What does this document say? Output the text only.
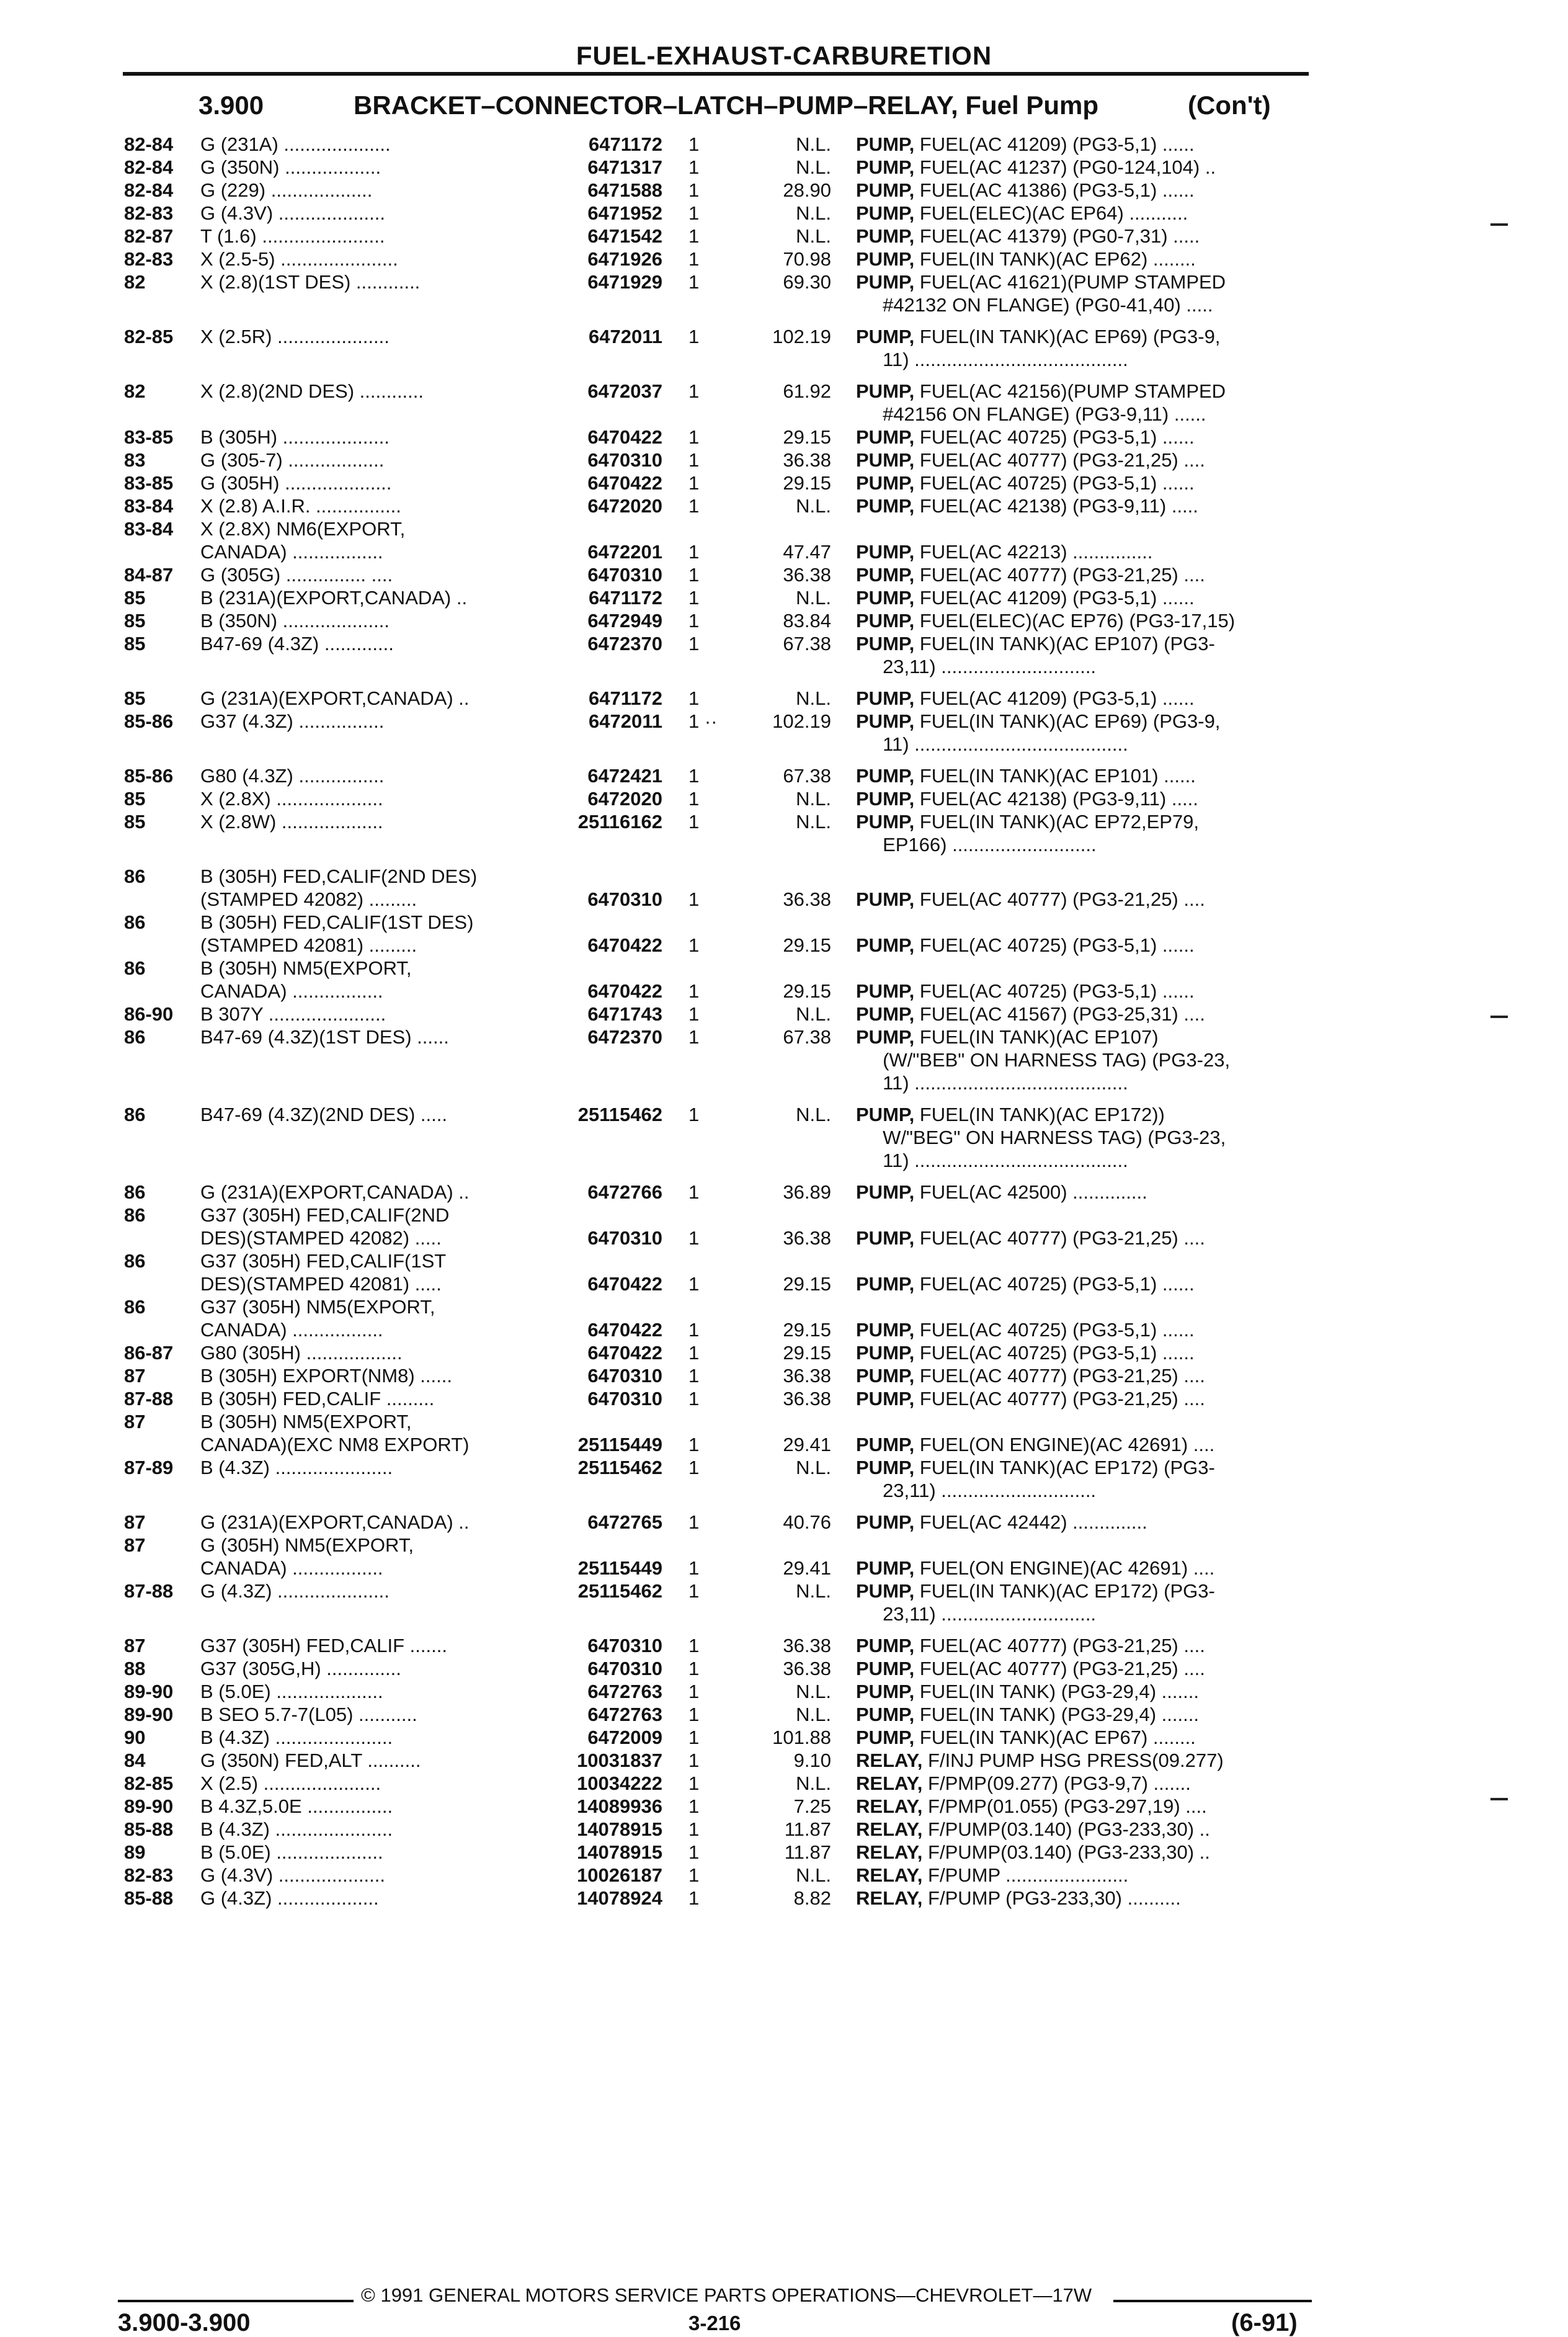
FUEL-EXHAUST-CARBURETION
3.900	BRACKET–CONNECTOR–LATCH–PUMP–RELAY, Fuel Pump	(Con't)
82-84	G (231A) ....................	6471172 1	N.L. PUMP, FUEL(AC 41209) (PG3-5,1) ......
82-84	G (350N) ..................	6471317 1	N.L. PUMP, FUEL(AC 41237) (PG0-124,104) ..
82-84	G (229) ...................	6471588 1	28.90 PUMP, FUEL(AC 41386) (PG3-5,1) ......
82-83	G (4.3V) ....................	6471952 1	N.L. PUMP, FUEL(ELEC)(AC EP64) ...........
82-87	T (1.6) .......................	6471542 1	N.L. PUMP, FUEL(AC 41379) (PG0-7,31) .....
82-83	X (2.5-5) ......................	6471926 1	70.98 PUMP, FUEL(IN TANK)(AC EP62) ........
82	X (2.8)(1ST DES) ............	6471929 1	69.30 PUMP, FUEL(AC 41621)(PUMP STAMPED
#42132 ON FLANGE) (PG0-41,40) .....
82-85	X (2.5R) .....................	6472011 1	102.19 PUMP, FUEL(IN TANK)(AC EP69) (PG3-9,
11) ........................................
82	X (2.8)(2ND DES) ............	6472037 1	61.92 PUMP, FUEL(AC 42156)(PUMP STAMPED
#42156 ON FLANGE) (PG3-9,11) ......
83-85	B (305H) ....................	6470422 1	29.15 PUMP, FUEL(AC 40725) (PG3-5,1) ......
83	G (305-7) ..................	6470310 1	36.38 PUMP, FUEL(AC 40777) (PG3-21,25) ....
83-85	G (305H) ....................	6470422 1	29.15 PUMP, FUEL(AC 40725) (PG3-5,1) ......
83-84	X (2.8) A.I.R. ................	6472020 1	N.L. PUMP, FUEL(AC 42138) (PG3-9,11) .....
83-84	X (2.8X) NM6(EXPORT,
CANADA) .................	6472201 1	47.47 PUMP, FUEL(AC 42213) ...............
84-87	G (305G) ............... ....	6470310 1	36.38 PUMP, FUEL(AC 40777) (PG3-21,25) ....
85	B (231A)(EXPORT,CANADA) ..	6471172 1	N.L. PUMP, FUEL(AC 41209) (PG3-5,1) ......
85	B (350N) ....................	6472949 1	83.84 PUMP, FUEL(ELEC)(AC EP76) (PG3-17,15)
85	B47-69 (4.3Z) .............	6472370 1	67.38 PUMP, FUEL(IN TANK)(AC EP107) (PG3-
23,11) .............................
85	G (231A)(EXPORT,CANADA) ..	6471172 1	N.L. PUMP, FUEL(AC 41209) (PG3-5,1) ......
85-86	G37 (4.3Z) ................	6472011 1 ··	102.19 PUMP, FUEL(IN TANK)(AC EP69) (PG3-9,
11) ........................................
85-86	G80 (4.3Z) ................	6472421 1	67.38 PUMP, FUEL(IN TANK)(AC EP101) ......
85	X (2.8X) ....................	6472020 1	N.L. PUMP, FUEL(AC 42138) (PG3-9,11) .....
85	X (2.8W) ...................	25116162 1	N.L. PUMP, FUEL(IN TANK)(AC EP72,EP79,
EP166) ...........................
86	B (305H) FED,CALIF(2ND DES)
(STAMPED 42082) .........	6470310 1	36.38 PUMP, FUEL(AC 40777) (PG3-21,25) ....
86	B (305H) FED,CALIF(1ST DES)
(STAMPED 42081) .........	6470422 1	29.15 PUMP, FUEL(AC 40725) (PG3-5,1) ......
86	B (305H) NM5(EXPORT,
CANADA) .................	6470422 1	29.15 PUMP, FUEL(AC 40725) (PG3-5,1) ......
86-90	B 307Y ......................	6471743 1	N.L. PUMP, FUEL(AC 41567) (PG3-25,31) ....
86	B47-69 (4.3Z)(1ST DES) ......	6472370 1	67.38 PUMP, FUEL(IN TANK)(AC EP107)
(W/"BEB" ON HARNESS TAG) (PG3-23,
11) ........................................
86	B47-69 (4.3Z)(2ND DES) .....	25115462 1	N.L. PUMP, FUEL(IN TANK)(AC EP172))
W/"BEG" ON HARNESS TAG) (PG3-23,
11) ........................................
86	G (231A)(EXPORT,CANADA) ..	6472766 1	36.89 PUMP, FUEL(AC 42500) ..............
86	G37 (305H) FED,CALIF(2ND
DES)(STAMPED 42082) .....	6470310 1	36.38 PUMP, FUEL(AC 40777) (PG3-21,25) ....
86	G37 (305H) FED,CALIF(1ST
DES)(STAMPED 42081) .....	6470422 1	29.15 PUMP, FUEL(AC 40725) (PG3-5,1) ......
86	G37 (305H) NM5(EXPORT,
CANADA) .................	6470422 1	29.15 PUMP, FUEL(AC 40725) (PG3-5,1) ......
86-87	G80 (305H) ..................	6470422 1	29.15 PUMP, FUEL(AC 40725) (PG3-5,1) ......
87	B (305H) EXPORT(NM8) ......	6470310 1	36.38 PUMP, FUEL(AC 40777) (PG3-21,25) ....
87-88	B (305H) FED,CALIF .........	6470310 1	36.38 PUMP, FUEL(AC 40777) (PG3-21,25) ....
87	B (305H) NM5(EXPORT,
CANADA)(EXC NM8 EXPORT)	25115449 1	29.41 PUMP, FUEL(ON ENGINE)(AC 42691) ....
87-89	B (4.3Z) ......................	25115462 1	N.L. PUMP, FUEL(IN TANK)(AC EP172) (PG3-
23,11) .............................
87	G (231A)(EXPORT,CANADA) ..	6472765 1	40.76 PUMP, FUEL(AC 42442) ..............
87	G (305H) NM5(EXPORT,
CANADA) .................	25115449 1	29.41 PUMP, FUEL(ON ENGINE)(AC 42691) ....
87-88	G (4.3Z) .....................	25115462 1	N.L. PUMP, FUEL(IN TANK)(AC EP172) (PG3-
23,11) .............................
87	G37 (305H) FED,CALIF .......	6470310 1	36.38 PUMP, FUEL(AC 40777) (PG3-21,25) ....
88	G37 (305G,H) ..............	6470310 1	36.38 PUMP, FUEL(AC 40777) (PG3-21,25) ....
89-90	B (5.0E) ....................	6472763 1	N.L. PUMP, FUEL(IN TANK) (PG3-29,4) .......
89-90	B SEO 5.7-7(L05) ...........	6472763 1	N.L. PUMP, FUEL(IN TANK) (PG3-29,4) .......
90	B (4.3Z) ......................	6472009 1	101.88 PUMP, FUEL(IN TANK)(AC EP67) ........
84	G (350N) FED,ALT ..........	10031837 1	9.10 RELAY, F/INJ PUMP HSG PRESS(09.277)
82-85	X (2.5) ......................	10034222 1	N.L. RELAY, F/PMP(09.277) (PG3-9,7) .......
89-90	B 4.3Z,5.0E ................	14089936 1	7.25 RELAY, F/PMP(01.055) (PG3-297,19) ....
85-88	B (4.3Z) ......................	14078915 1	11.87 RELAY, F/PUMP(03.140) (PG3-233,30) ..
89	B (5.0E) ....................	14078915 1	11.87 RELAY, F/PUMP(03.140) (PG3-233,30) ..
82-83	G (4.3V) ....................	10026187 1	N.L. RELAY, F/PUMP .......................
85-88	G (4.3Z) ...................	14078924 1	8.82 RELAY, F/PUMP (PG3-233,30) ..........
© 1991 GENERAL MOTORS SERVICE PARTS OPERATIONS—CHEVROLET—17W
3.900-3.900	3-216	(6-91)
